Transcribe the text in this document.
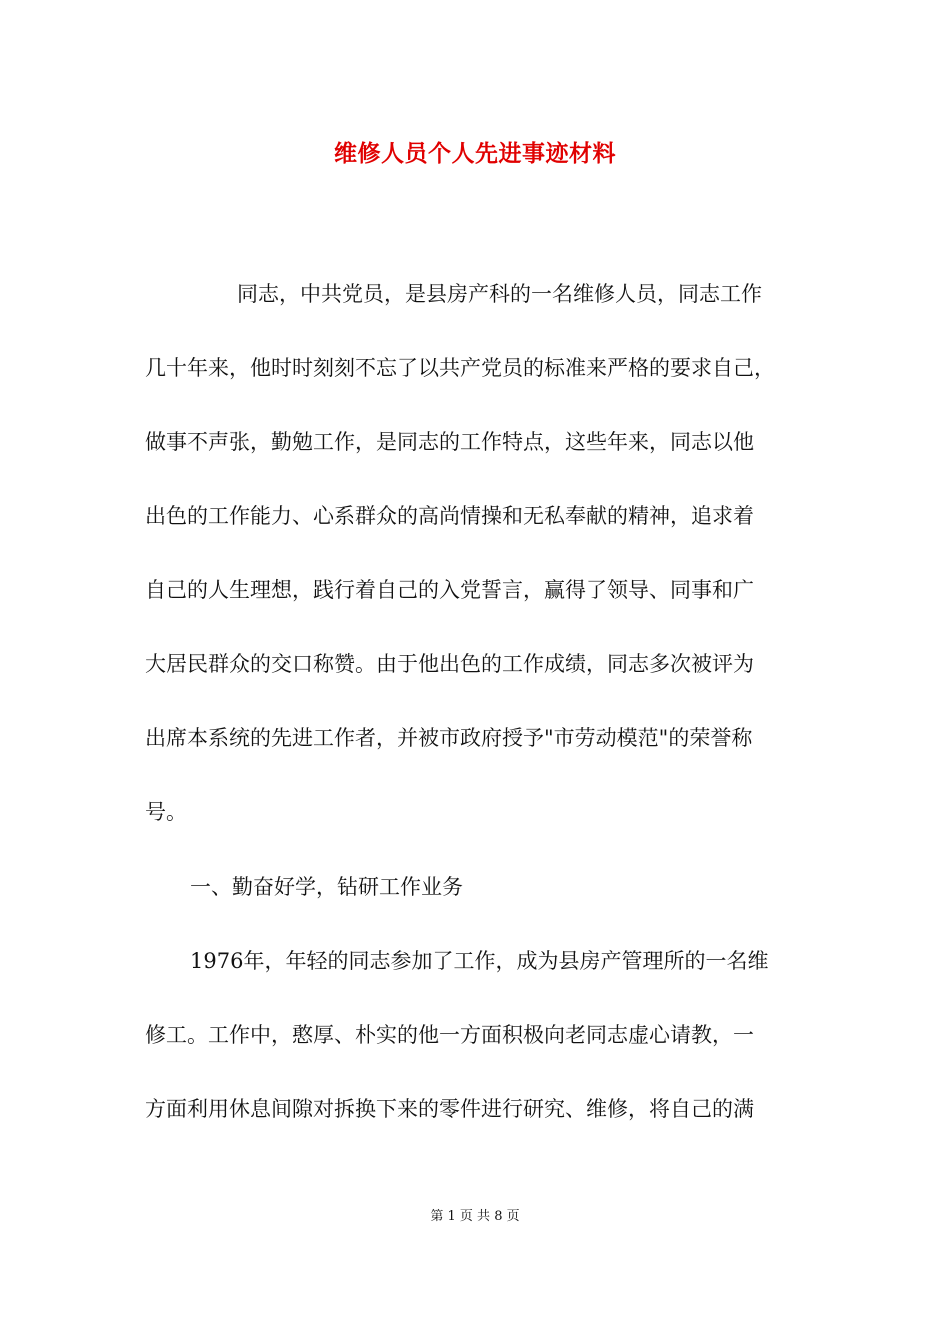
维修人员个人先进事迹材料
同志，中共党员，是县房产科的一名维修人员，同志工作
几十年来，他时时刻刻不忘了以共产党员的标准来严格的要求自己，
做事不声张，勤勉工作，是同志的工作特点，这些年来，同志以他
出色的工作能力、心系群众的高尚情操和无私奉献的精神，追求着
自己的人生理想，践行着自己的入党誓言，赢得了领导、同事和广
大居民群众的交口称赞。由于他出色的工作成绩，同志多次被评为
出席本系统的先进工作者，并被市政府授予"市劳动模范"的荣誉称
号。
一、勤奋好学，钻研工作业务
1976年，年轻的同志参加了工作，成为县房产管理所的一名维
修工。工作中，憨厚、朴实的他一方面积极向老同志虚心请教，一
方面利用休息间隙对拆换下来的零件进行研究、维修，将自己的满
第 1 页 共 8 页
